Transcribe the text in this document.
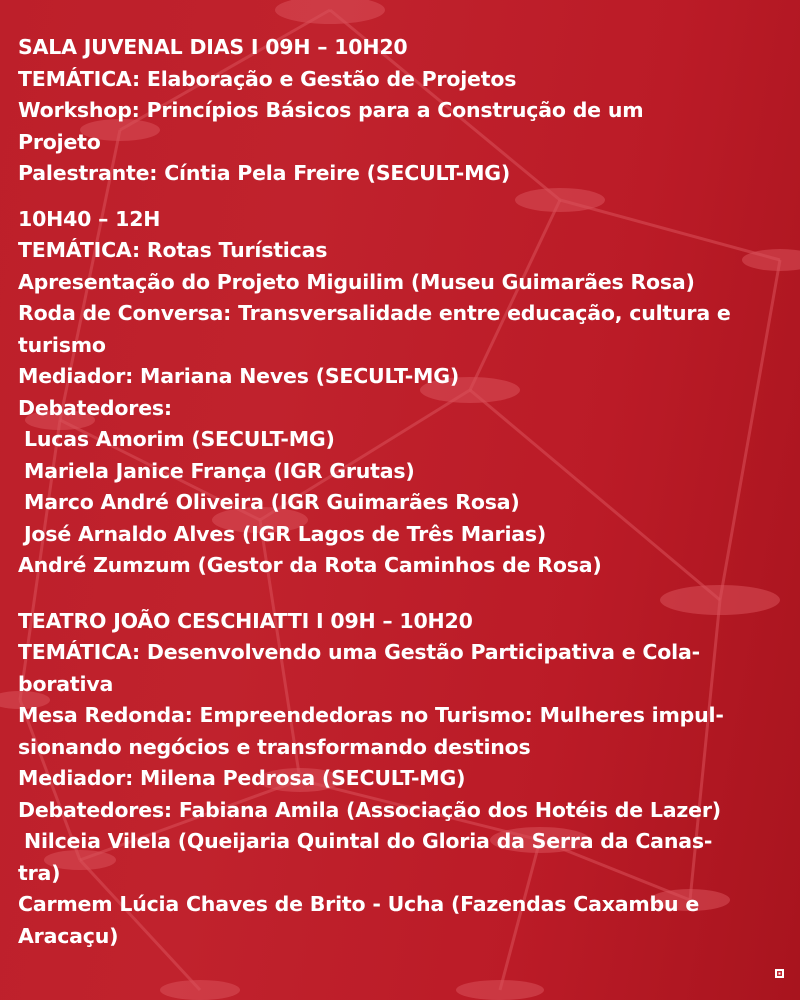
SALA JUVENAL DIAS I 09H – 10H20
TEMÁTICA: Elaboração e Gestão de Projetos
Workshop: Princípios Básicos para a Construção de um
Projeto
Palestrante: Cíntia Pela Freire (SECULT-MG)
10H40 – 12H
TEMÁTICA: Rotas Turísticas
Apresentação do Projeto Miguilim (Museu Guimarães Rosa)
Roda de Conversa: Transversalidade entre educação, cultura e
turismo
Mediador: Mariana Neves (SECULT-MG)
Debatedores:
Lucas Amorim (SECULT-MG)
Mariela Janice França (IGR Grutas)
Marco André Oliveira (IGR Guimarães Rosa)
José Arnaldo Alves (IGR Lagos de Três Marias)
André Zumzum (Gestor da Rota Caminhos de Rosa)
TEATRO JOÃO CESCHIATTI I 09H – 10H20
TEMÁTICA: Desenvolvendo uma Gestão Participativa e Cola-
borativa
Mesa Redonda: Empreendedoras no Turismo: Mulheres impul-
sionando negócios e transformando destinos
Mediador: Milena Pedrosa (SECULT-MG)
Debatedores: Fabiana Amila (Associação dos Hotéis de Lazer)
Nilceia Vilela (Queijaria Quintal do Gloria da Serra da Canas-
tra)
Carmem Lúcia Chaves de Brito - Ucha (Fazendas Caxambu e
Aracaçu)
